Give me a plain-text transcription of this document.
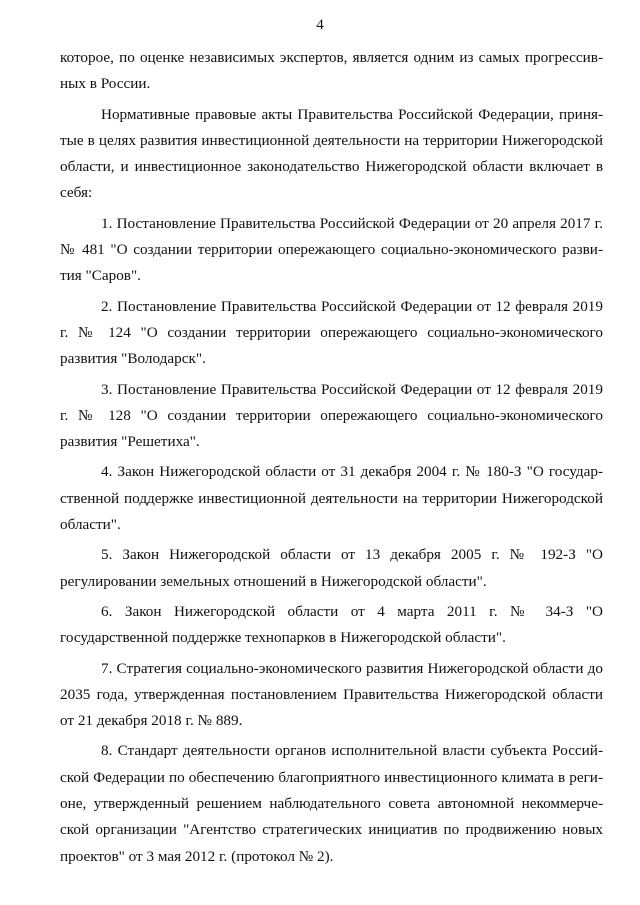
4

которое, по оценке независимых экспертов, является одним из самых прогрессивных в России.

Нормативные правовые акты Правительства Российской Федерации, принятые в целях развития инвестиционной деятельности на территории Нижегородской области, и инвестиционное законодательство Нижегородской области включает в себя:

1. Постановление Правительства Российской Федерации от 20 апреля 2017 г. № 481 "О создании территории опережающего социально-экономического развития "Саров".

2. Постановление Правительства Российской Федерации от 12 февраля 2019 г. № 124 "О создании территории опережающего социально-экономического развития "Володарск".

3. Постановление Правительства Российской Федерации от 12 февраля 2019 г. № 128 "О создании территории опережающего социально-экономического развития "Решетиха".

4. Закон Нижегородской области от 31 декабря 2004 г. № 180-З "О государственной поддержке инвестиционной деятельности на территории Нижегородской области".

5. Закон Нижегородской области от 13 декабря 2005 г. № 192-З "О регулировании земельных отношений в Нижегородской области".

6. Закон Нижегородской области от 4 марта 2011 г. № 34-З "О государственной поддержке технопарков в Нижегородской области".

7. Стратегия социально-экономического развития Нижегородской области до 2035 года, утвержденная постановлением Правительства Нижегородской области от 21 декабря 2018 г. № 889.

8. Стандарт деятельности органов исполнительной власти субъекта Российской Федерации по обеспечению благоприятного инвестиционного климата в регионе, утвержденный решением наблюдательного совета автономной некоммерческой организации "Агентство стратегических инициатив по продвижению новых проектов" от 3 мая 2012 г. (протокол № 2).
